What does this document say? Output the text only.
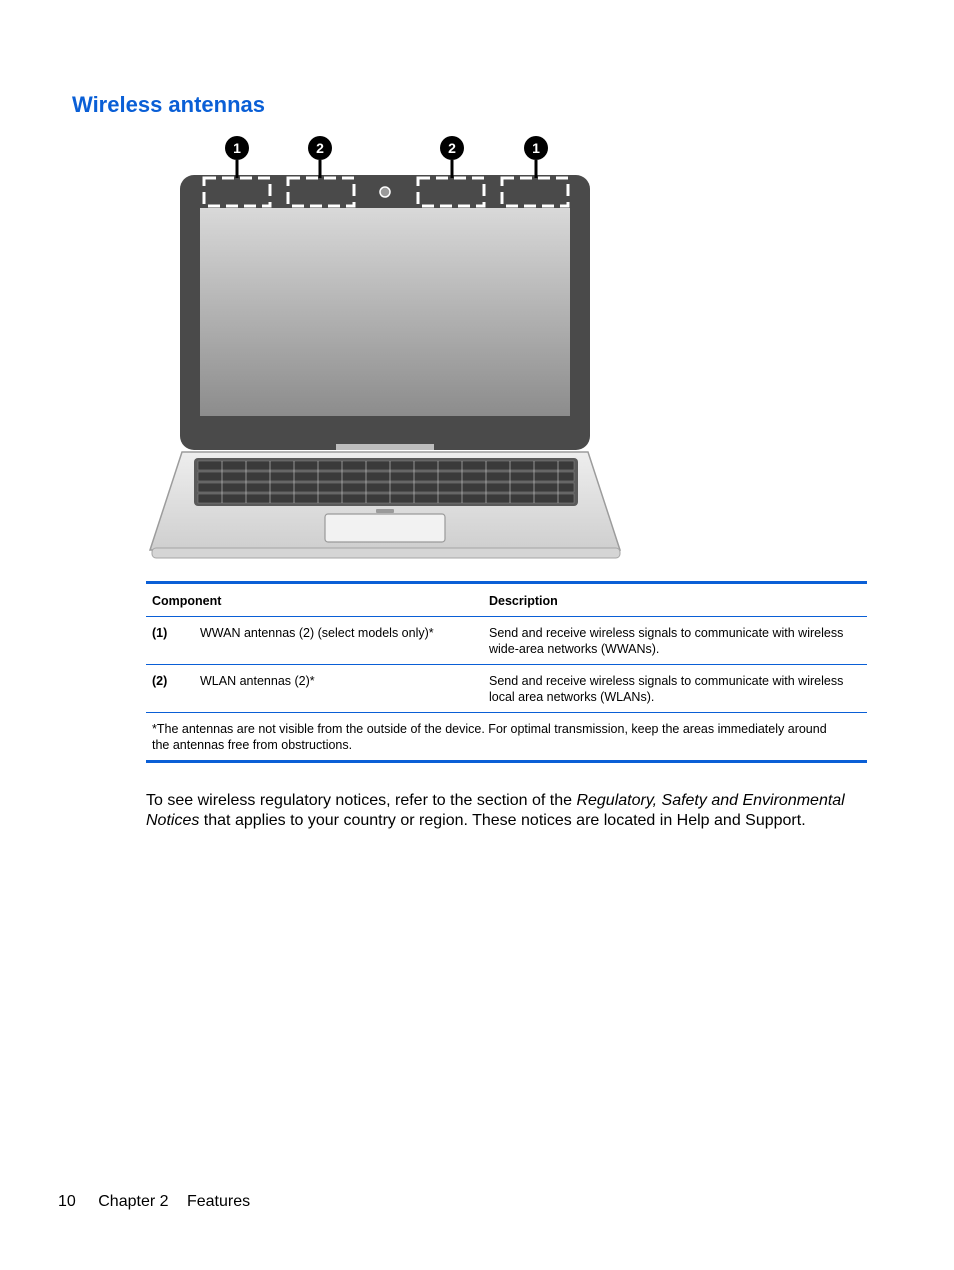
Wireless antennas
1	2	2	1
Component		Description
(1)	WWAN antennas (2) (select models only)*	Send and receive wireless signals to communicate with wireless
wide-area networks (WWANs).
(2)	WLAN antennas (2)*	Send and receive wireless signals to communicate with wireless
local area networks (WLANs).
*The antennas are not visible from the outside of the device. For optimal transmission, keep the areas immediately around
the antennas free from obstructions.		

To see wireless regulatory notices, refer to the section of the Regulatory, Safety and Environmental Notices that applies to your country or region. These notices are located in Help and Support.

10 Chapter 2 Features
